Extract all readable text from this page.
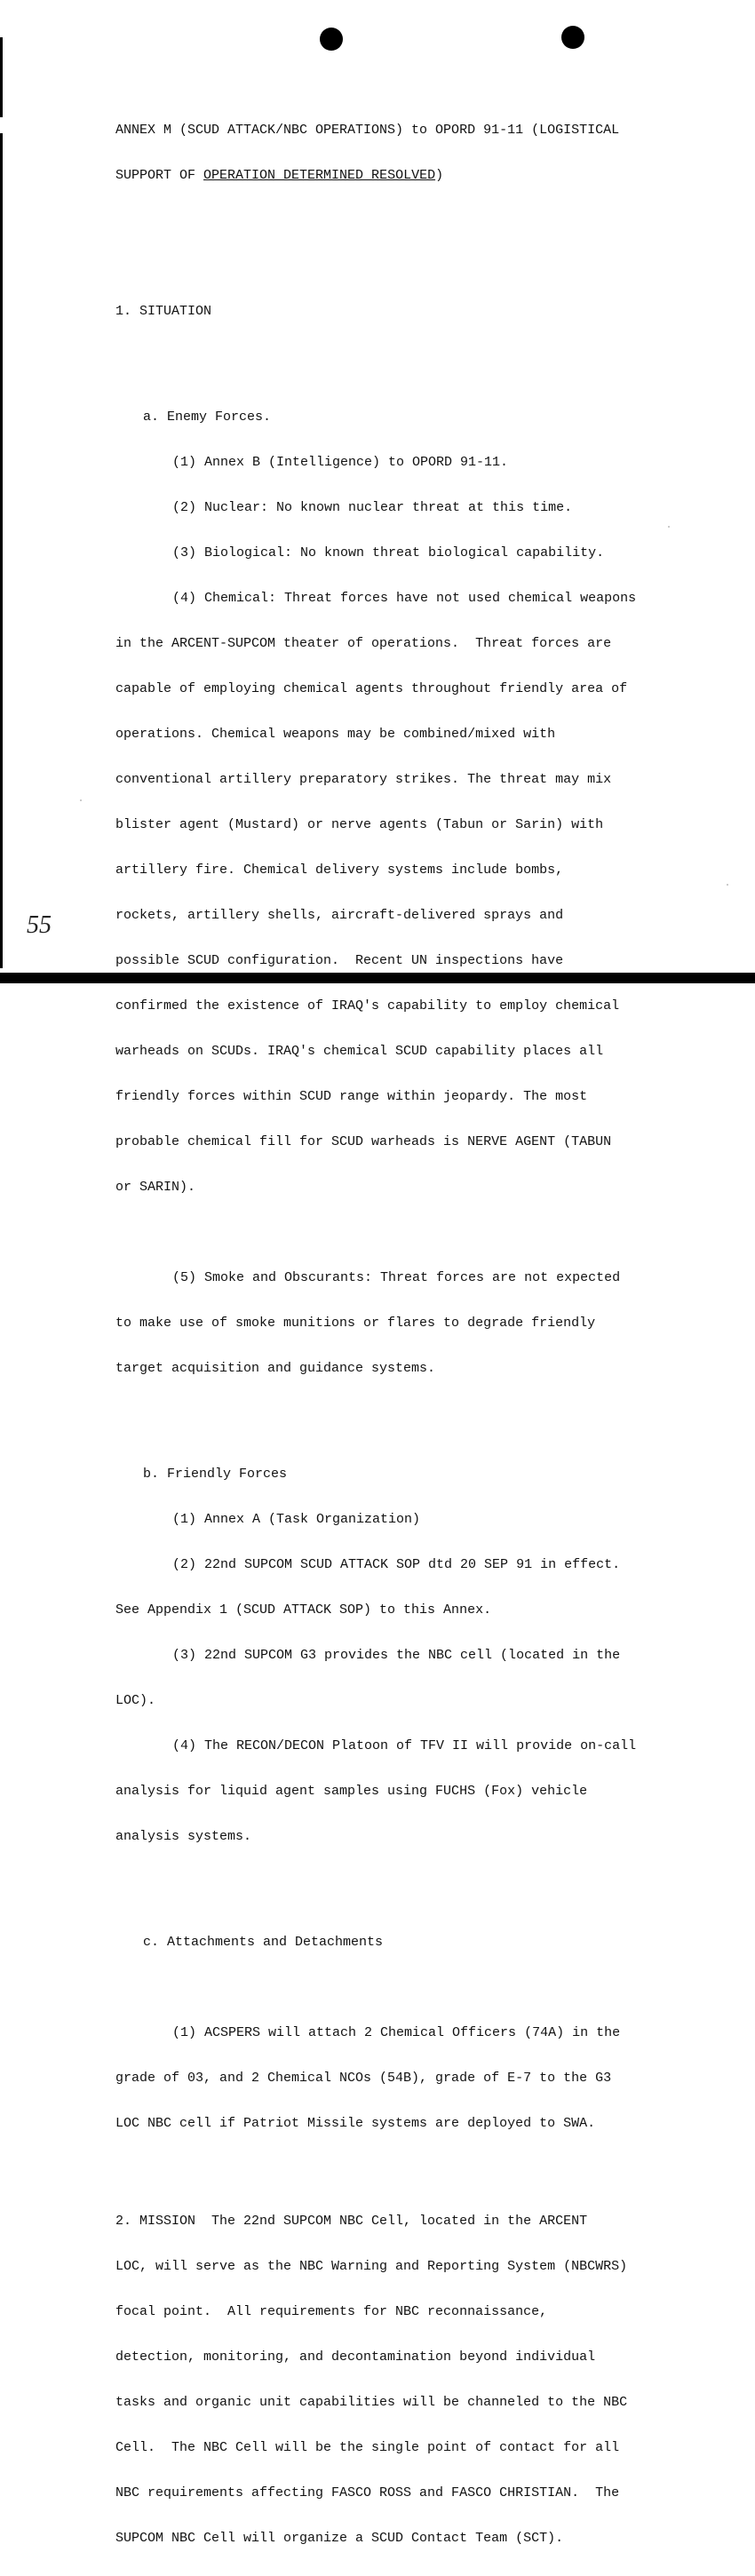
ANNEX M (SCUD ATTACK/NBC OPERATIONS) to OPORD 91-11 (LOGISTICAL

SUPPORT OF OPERATION DETERMINED RESOLVED)

1. SITUATION

a. Enemy Forces.

(1) Annex B (Intelligence) to OPORD 91-11.

(2) Nuclear: No known nuclear threat at this time.

(3) Biological: No known threat biological capability.

(4) Chemical: Threat forces have not used chemical weapons

in the ARCENT-SUPCOM theater of operations.  Threat forces are

capable of employing chemical agents throughout friendly area of

operations. Chemical weapons may be combined/mixed with

conventional artillery preparatory strikes. The threat may mix

blister agent (Mustard) or nerve agents (Tabun or Sarin) with

artillery fire. Chemical delivery systems include bombs,

rockets, artillery shells, aircraft-delivered sprays and

possible SCUD configuration.  Recent UN inspections have

confirmed the existence of IRAQ's capability to employ chemical

warheads on SCUDs. IRAQ's chemical SCUD capability places all

friendly forces within SCUD range within jeopardy. The most

probable chemical fill for SCUD warheads is NERVE AGENT (TABUN

or SARIN).

(5) Smoke and Obscurants: Threat forces are not expected

to make use of smoke munitions or flares to degrade friendly

target acquisition and guidance systems.

b. Friendly Forces

(1) Annex A (Task Organization)

(2) 22nd SUPCOM SCUD ATTACK SOP dtd 20 SEP 91 in effect.

See Appendix 1 (SCUD ATTACK SOP) to this Annex.

(3) 22nd SUPCOM G3 provides the NBC cell (located in the

LOC).

(4) The RECON/DECON Platoon of TFV II will provide on-call

analysis for liquid agent samples using FUCHS (Fox) vehicle

analysis systems.

c. Attachments and Detachments

(1) ACSPERS will attach 2 Chemical Officers (74A) in the

grade of 03, and 2 Chemical NCOs (54B), grade of E-7 to the G3

LOC NBC cell if Patriot Missile systems are deployed to SWA.

2. MISSION  The 22nd SUPCOM NBC Cell, located in the ARCENT

LOC, will serve as the NBC Warning and Reporting System (NBCWRS)

focal point.  All requirements for NBC reconnaissance,

detection, monitoring, and decontamination beyond individual

tasks and organic unit capabilities will be channeled to the NBC

Cell.  The NBC Cell will be the single point of contact for all

NBC requirements affecting FASCO ROSS and FASCO CHRISTIAN.  The

SUPCOM NBC Cell will organize a SCUD Contact Team (SCT).

55
